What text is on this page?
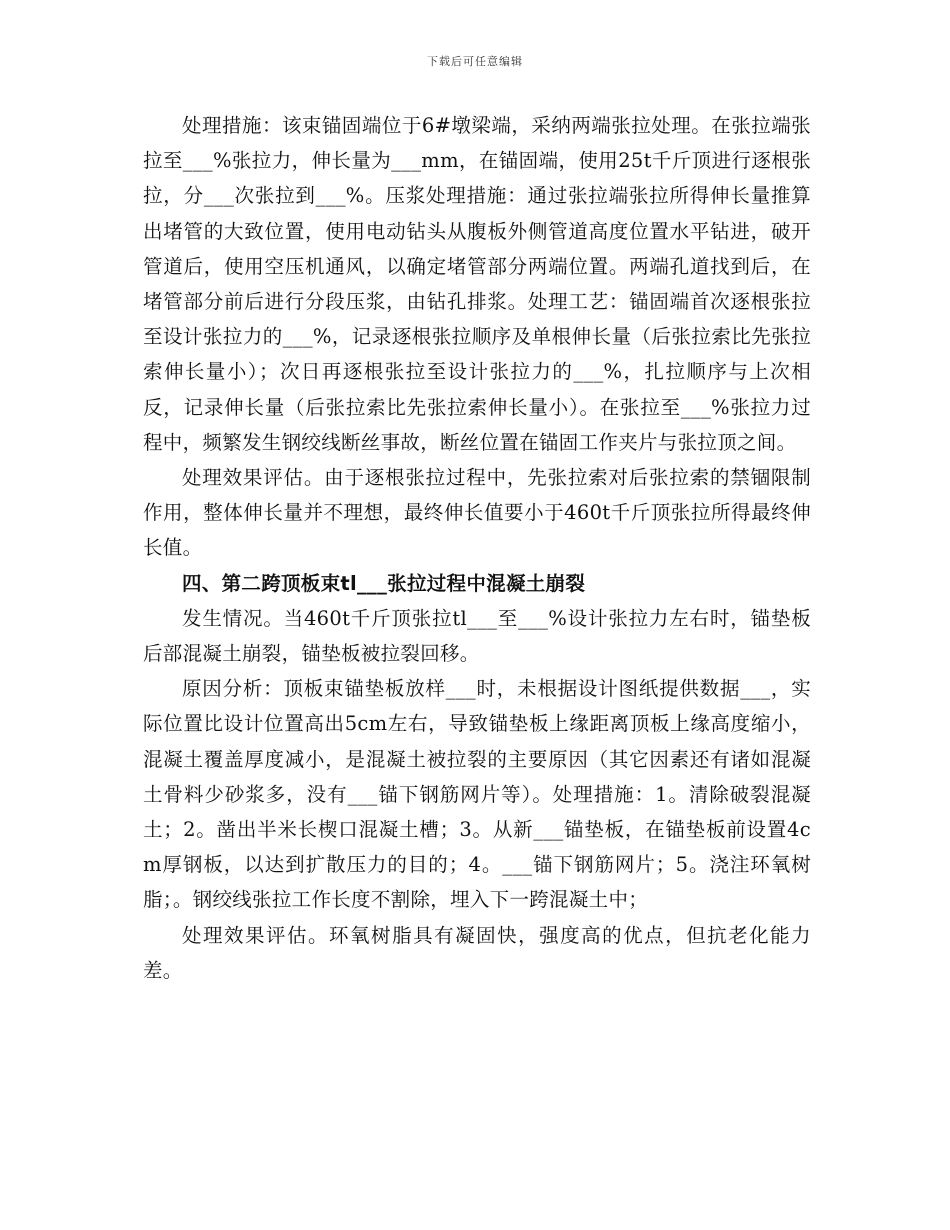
下载后可任意编辑

处理措施：该束锚固端位于6#墩梁端，采纳两端张拉处理。在张拉端张拉至___%张拉力，伸长量为___mm，在锚固端，使用25t千斤顶进行逐根张拉，分___次张拉到___%。压浆处理措施：通过张拉端张拉所得伸长量推算出堵管的大致位置，使用电动钻头从腹板外侧管道高度位置水平钻进，破开管道后，使用空压机通风，以确定堵管部分两端位置。两端孔道找到后，在堵管部分前后进行分段压浆，由钻孔排浆。处理工艺：锚固端首次逐根张拉至设计张拉力的___%，记录逐根张拉顺序及单根伸长量（后张拉索比先张拉索伸长量小）；次日再逐根张拉至设计张拉力的___%，扎拉顺序与上次相反，记录伸长量（后张拉索比先张拉索伸长量小）。在张拉至___%张拉力过程中，频繁发生钢绞线断丝事故，断丝位置在锚固工作夹片与张拉顶之间。

处理效果评估。由于逐根张拉过程中，先张拉索对后张拉索的禁锢限制作用，整体伸长量并不理想，最终伸长值要小于460t千斤顶张拉所得最终伸长值。

四、第二跨顶板束tl___张拉过程中混凝土崩裂

发生情况。当460t千斤顶张拉tl___至___%设计张拉力左右时，锚垫板后部混凝土崩裂，锚垫板被拉裂回移。

原因分析：顶板束锚垫板放样___时，未根据设计图纸提供数据___，实际位置比设计位置高出5cm左右，导致锚垫板上缘距离顶板上缘高度缩小，混凝土覆盖厚度减小，是混凝土被拉裂的主要原因（其它因素还有诸如混凝土骨料少砂浆多，没有___锚下钢筋网片等）。处理措施：1。清除破裂混凝土；2。凿出半米长楔口混凝土槽；3。从新___锚垫板，在锚垫板前设置4cm厚钢板，以达到扩散压力的目的；4。___锚下钢筋网片；5。浇注环氧树脂；。钢绞线张拉工作长度不割除，埋入下一跨混凝土中；

处理效果评估。环氧树脂具有凝固快，强度高的优点，但抗老化能力差。
